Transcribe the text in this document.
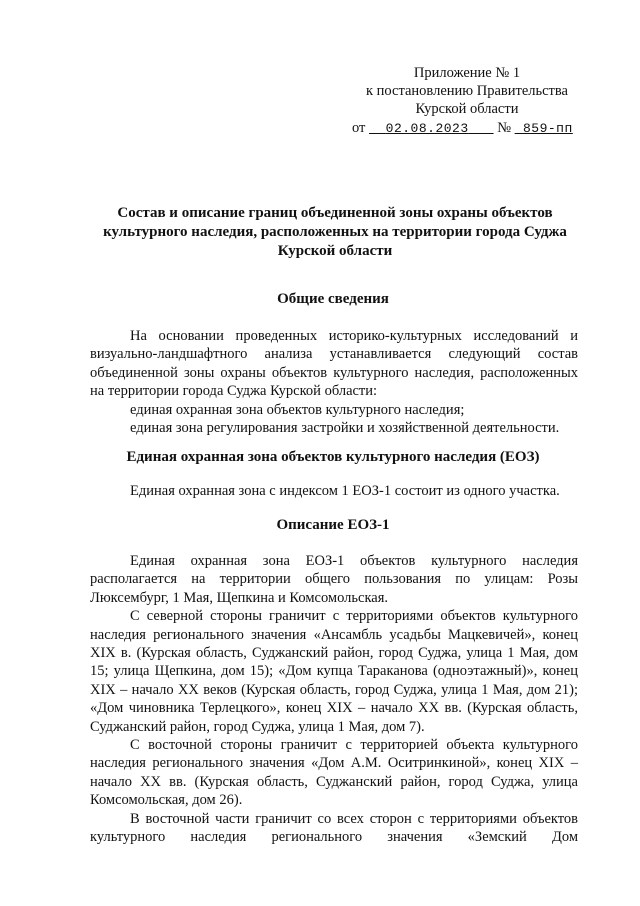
Приложение № 1
к постановлению Правительства
Курской области
от 02.08.2023 № 859-пп
Состав и описание границ объединенной зоны охраны объектов культурного наследия, расположенных на территории города Суджа Курской области
Общие сведения

На основании проведенных историко-культурных исследований и визуально-ландшафтного анализа устанавливается следующий состав объединенной зоны охраны объектов культурного наследия, расположенных на территории города Суджа Курской области:

единая охранная зона объектов культурного наследия;

единая зона регулирования застройки и хозяйственной деятельности.

Единая охранная зона объектов культурного наследия (ЕОЗ)

Единая охранная зона с индексом 1 ЕОЗ-1 состоит из одного участка.

Описание ЕОЗ-1

Единая охранная зона ЕОЗ-1 объектов культурного наследия располагается на территории общего пользования по улицам: Розы Люксембург, 1 Мая, Щепкина и Комсомольская.

С северной стороны граничит с территориями объектов культурного наследия регионального значения «Ансамбль усадьбы Мацкевичей», конец XIX в. (Курская область, Суджанский район, город Суджа, улица 1 Мая, дом 15; улица Щепкина, дом 15); «Дом купца Тараканова (одноэтажный)», конец XIX – начало XX веков (Курская область, город Суджа, улица 1 Мая, дом 21); «Дом чиновника Терлецкого», конец XIX – начало XX вв. (Курская область, Суджанский район, город Суджа, улица 1 Мая, дом 7).

С восточной стороны граничит с территорией объекта культурного наследия регионального значения «Дом А.М. Оситринкиной», конец XIX – начало XX вв. (Курская область, Суджанский район, город Суджа, улица Комсомольская, дом 26).

В восточной части граничит со всех сторон с территориями объектов культурного наследия регионального значения «Земский Дом
